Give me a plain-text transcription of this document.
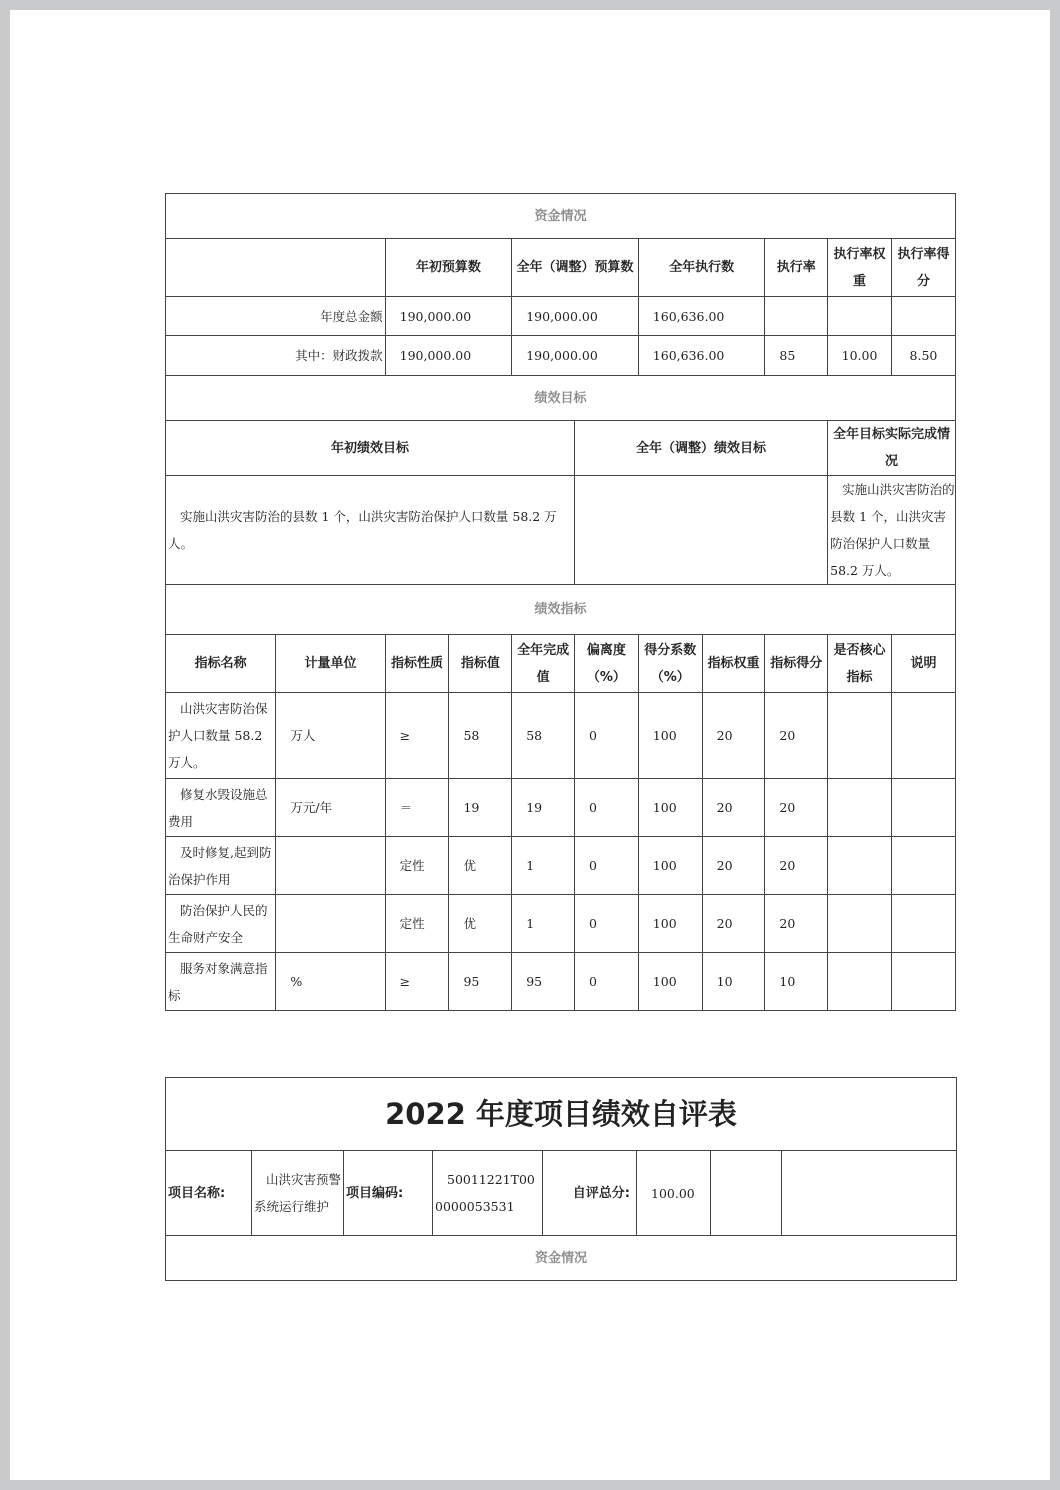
资金情况										
		年初预算数		全年（调整）预算数		全年执行数		执行率	执行率权重	执行率得分
年度总金额		190,000.00		190,000.00		160,636.00				
其中：财政拨款		190,000.00		190,000.00		160,636.00		85	10.00	8.50
绩效目标										
年初绩效目标					全年（调整）绩效目标				全年目标实际完成情况	
实施山洪灾害防治的县数 1 个，山洪灾害防治保护人口数量 58.2 万人。									实施山洪灾害防治的县数 1 个，山洪灾害防治保护人口数量 58.2 万人。	
绩效指标										
指标名称	计量单位	指标性质	指标值	全年完成值	偏离度（%）	得分系数（%）	指标权重	指标得分	是否核心指标	说明
山洪灾害防治保护人口数量 58.2 万人。	万人	≥	58	58	0	100	20	20		
修复水毁设施总费用	万元/年	＝	19	19	0	100	20	20		
及时修复,起到防治保护作用		定性	优	1	0	100	20	20		
防治保护人民的生命财产安全		定性	优	1	0	100	20	20		
服务对象满意指标	%	≥	95	95	0	100	10	10		
2022 年度项目绩效自评表
项目名称:	山洪灾害预警系统运行维护	项目编码:	50011221T000000053531	自评总分:	100.00		
资金情况
